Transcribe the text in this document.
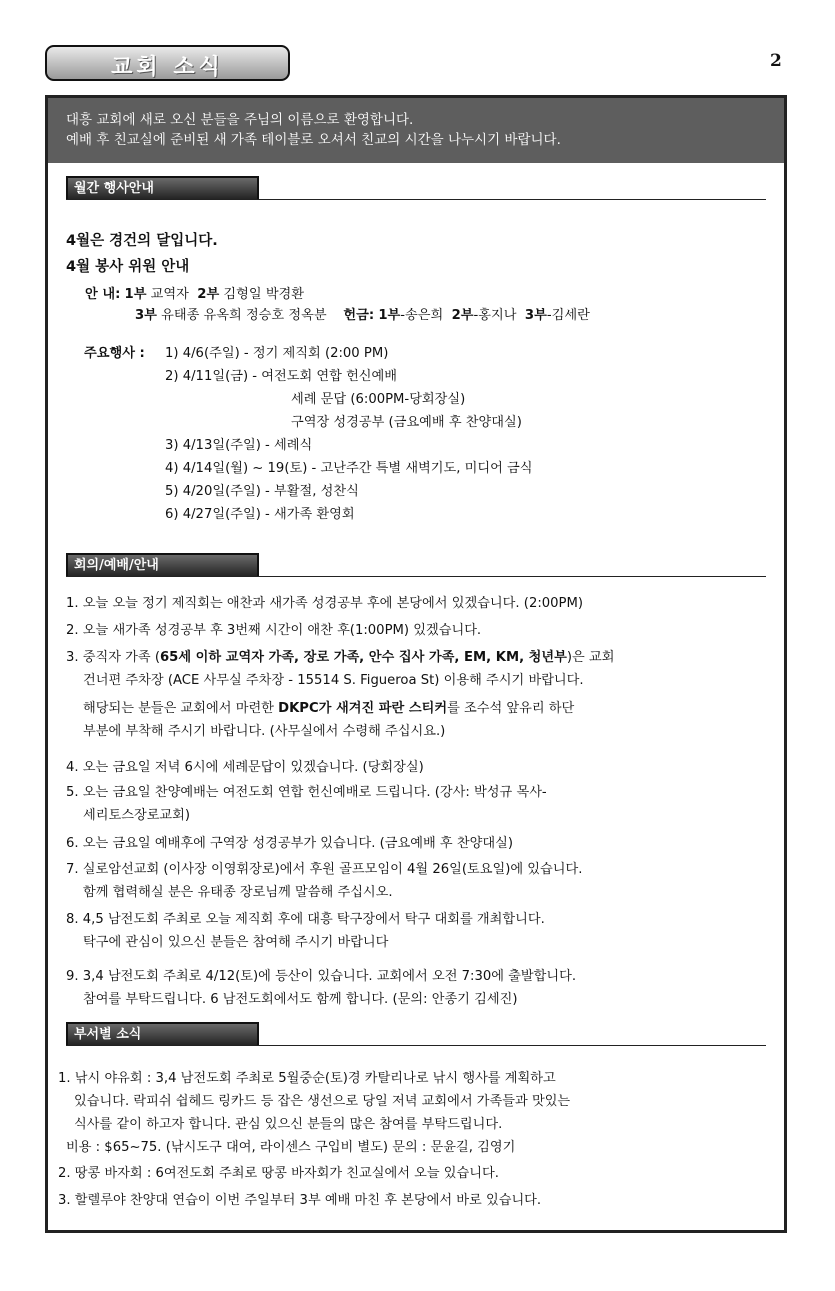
교회 소식	2
대흥 교회에 새로 오신 분들을 주님의 이름으로 환영합니다.
예배 후 친교실에 준비된 새 가족 테이블로 오셔서 친교의 시간을 나누시기 바랍니다.
월간 행사안내
4월은 경건의 달입니다.
4월 봉사 위원 안내
안 내: 1부 교역자 2부 김형일 박경환
3부 유태종 유옥희 정승호 정옥분 헌금: 1부-송은희 2부-홍지나 3부-김세란
주요행사 : 1) 4/6(주일) - 정기 제직회 (2:00 PM)
2) 4/11일(금) - 여전도회 연합 헌신예배
세례 문답 (6:00PM-당회장실)
구역장 성경공부 (금요예배 후 찬양대실)
3) 4/13일(주일) - 세례식
4) 4/14일(월) ~ 19(토) - 고난주간 특별 새벽기도, 미디어 금식
5) 4/20일(주일) - 부활절, 성찬식
6) 4/27일(주일) - 새가족 환영회
회의/예배/안내
1. 오늘 오늘 정기 제직회는 애찬과 새가족 성경공부 후에 본당에서 있겠습니다. (2:00PM)
2. 오늘 새가족 성경공부 후 3번째 시간이 애찬 후(1:00PM) 있겠습니다.
3. 중직자 가족 (65세 이하 교역자 가족, 장로 가족, 안수 집사 가족, EM, KM, 청년부)은 교회
건너편 주차장 (ACE 사무실 주차장 - 15514 S. Figueroa St) 이용해 주시기 바랍니다.
해당되는 분들은 교회에서 마련한 DKPC가 새겨진 파란 스티커를 조수석 앞유리 하단
부분에 부착해 주시기 바랍니다. (사무실에서 수령해 주십시요.)
4. 오는 금요일 저녁 6시에 세례문답이 있겠습니다. (당회장실)
5. 오는 금요일 찬양예배는 여전도회 연합 헌신예배로 드립니다. (강사: 박성규 목사-
세리토스장로교회)
6. 오는 금요일 예배후에 구역장 성경공부가 있습니다. (금요예배 후 찬양대실)
7. 실로암선교회 (이사장 이영휘장로)에서 후원 골프모임이 4월 26일(토요일)에 있습니다.
함께 협력해실 분은 유태종 장로님께 말씀해 주십시오.
8. 4,5 남전도회 주최로 오늘 제직회 후에 대흥 탁구장에서 탁구 대회를 개최합니다.
탁구에 관심이 있으신 분들은 참여해 주시기 바랍니다
9. 3,4 남전도회 주최로 4/12(토)에 등산이 있습니다. 교회에서 오전 7:30에 출발합니다.
참여를 부탁드립니다. 6 남전도회에서도 함께 합니다. (문의: 안종기 김세진)
부서별 소식
1. 낚시 야유회 : 3,4 남전도회 주최로 5월중순(토)경 카탈리나로 낚시 행사를 계획하고
있습니다. 락피쉬 쉽헤드 링카드 등 잡은 생선으로 당일 저녁 교회에서 가족들과 맛있는
식사를 같이 하고자 합니다. 관심 있으신 분들의 많은 참여를 부탁드립니다.
비용 : $65~75. (낚시도구 대여, 라이센스 구입비 별도) 문의 : 문윤길, 김영기
2. 땅콩 바자회 : 6여전도회 주최로 땅콩 바자회가 친교실에서 오늘 있습니다.
3. 할렐루야 찬양대 연습이 이번 주일부터 3부 예배 마친 후 본당에서 바로 있습니다.
